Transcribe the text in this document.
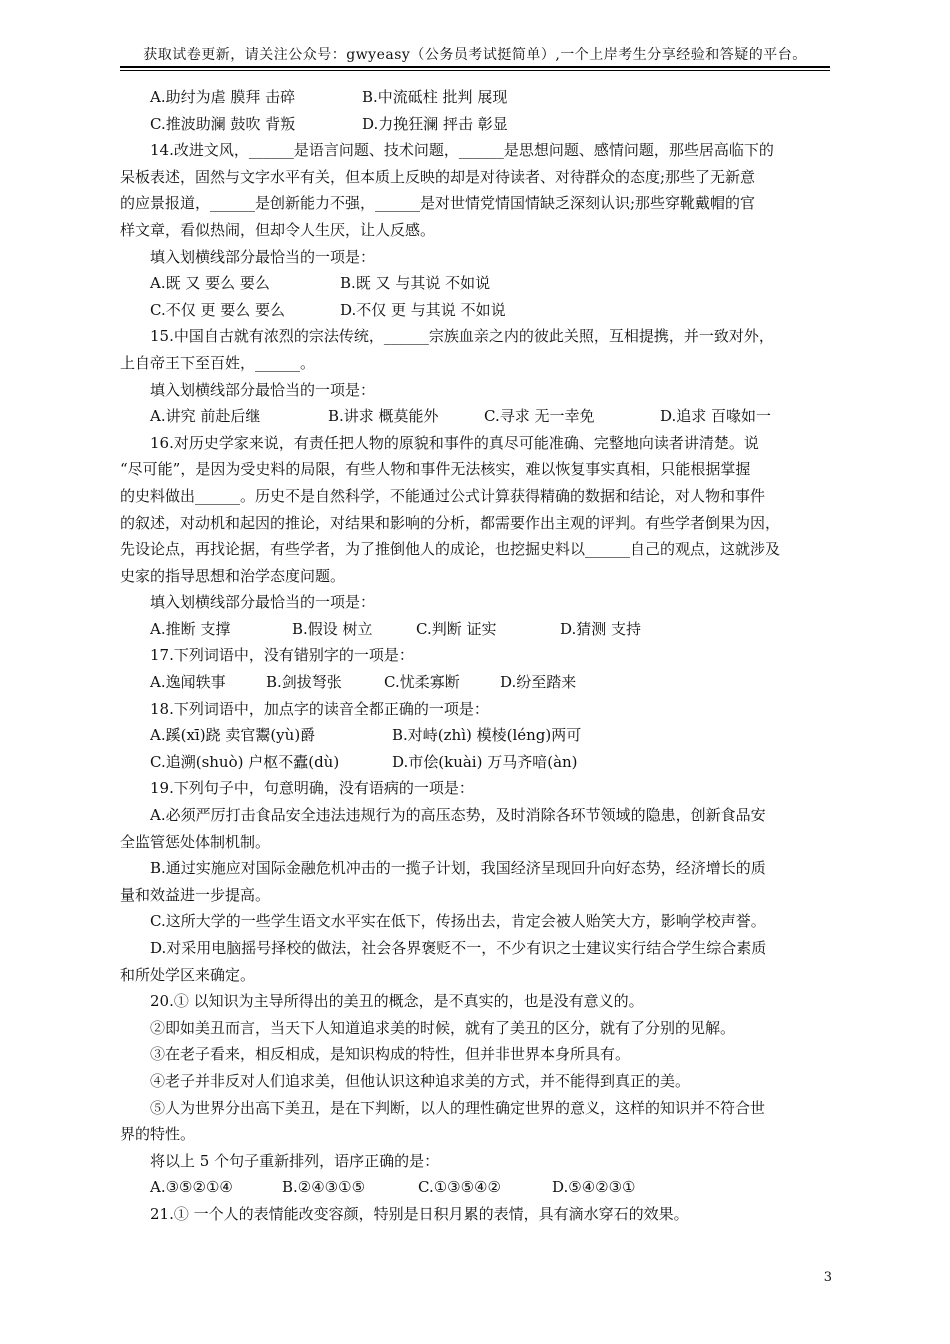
获取试卷更新，请关注公众号：gwyeasy（公务员考试挺简单）,一个上岸考生分享经验和答疑的平台。
A.助纣为虐 膜拜 击碎	B.中流砥柱 批判 展现
C.推波助澜 鼓吹 背叛	D.力挽狂澜 抨击 彰显
14.改进文风，______是语言问题、技术问题，______是思想问题、感情问题，那些居高临下的
呆板表述，固然与文字水平有关，但本质上反映的却是对待读者、对待群众的态度;那些了无新意
的应景报道，______是创新能力不强，______是对世情党情国情缺乏深刻认识;那些穿靴戴帽的官
样文章，看似热闹，但却令人生厌，让人反感。
填入划横线部分最恰当的一项是：
A.既 又 要么 要么	B.既 又 与其说 不如说
C.不仅 更 要么 要么	D.不仅 更 与其说 不如说
15.中国自古就有浓烈的宗法传统，______宗族血亲之内的彼此关照，互相提携，并一致对外，
上自帝王下至百姓，______。
填入划横线部分最恰当的一项是：
A.讲究 前赴后继	B.讲求 概莫能外	C.寻求 无一幸免	D.追求 百喙如一
16.对历史学家来说，有责任把人物的原貌和事件的真尽可能准确、完整地向读者讲清楚。说
“尽可能”，是因为受史料的局限，有些人物和事件无法核实，难以恢复事实真相，只能根据掌握
的史料做出______。历史不是自然科学，不能通过公式计算获得精确的数据和结论，对人物和事件
的叙述，对动机和起因的推论，对结果和影响的分析，都需要作出主观的评判。有些学者倒果为因，
先设论点，再找论据，有些学者，为了推倒他人的成论，也挖掘史料以______自己的观点，这就涉及
史家的指导思想和治学态度问题。
填入划横线部分最恰当的一项是：
A.推断 支撑	B.假设 树立	C.判断 证实	D.猜测 支持
17.下列词语中，没有错别字的一项是：
A.逸闻轶事	B.剑拔弩张	C.忧柔寡断	D.纷至踏来
18.下列词语中，加点字的读音全都正确的一项是：
A.蹊(xī)跷 卖官鬻(yù)爵	B.对峙(zhì) 模棱(léng)两可
C.追溯(shuò) 户枢不蠹(dù)	D.市侩(kuài) 万马齐喑(àn)
19.下列句子中，句意明确，没有语病的一项是：
A.必须严厉打击食品安全违法违规行为的高压态势，及时消除各环节领域的隐患，创新食品安
全监管惩处体制机制。
B.通过实施应对国际金融危机冲击的一揽子计划，我国经济呈现回升向好态势，经济增长的质
量和效益进一步提高。
C.这所大学的一些学生语文水平实在低下，传扬出去，肯定会被人贻笑大方，影响学校声誉。
D.对采用电脑摇号择校的做法，社会各界褒贬不一，不少有识之士建议实行结合学生综合素质
和所处学区来确定。
20.① 以知识为主导所得出的美丑的概念，是不真实的，也是没有意义的。
②即如美丑而言，当天下人知道追求美的时候，就有了美丑的区分，就有了分别的见解。
③在老子看来，相反相成，是知识构成的特性，但并非世界本身所具有。
④老子并非反对人们追求美，但他认识这种追求美的方式，并不能得到真正的美。
⑤人为世界分出高下美丑，是在下判断，以人的理性确定世界的意义，这样的知识并不符合世
界的特性。
将以上 5 个句子重新排列，语序正确的是：
A.③⑤②①④	B.②④③①⑤	C.①③⑤④②	D.⑤④②③①
21.① 一个人的表情能改变容颜，特别是日积月累的表情，具有滴水穿石的效果。
3
